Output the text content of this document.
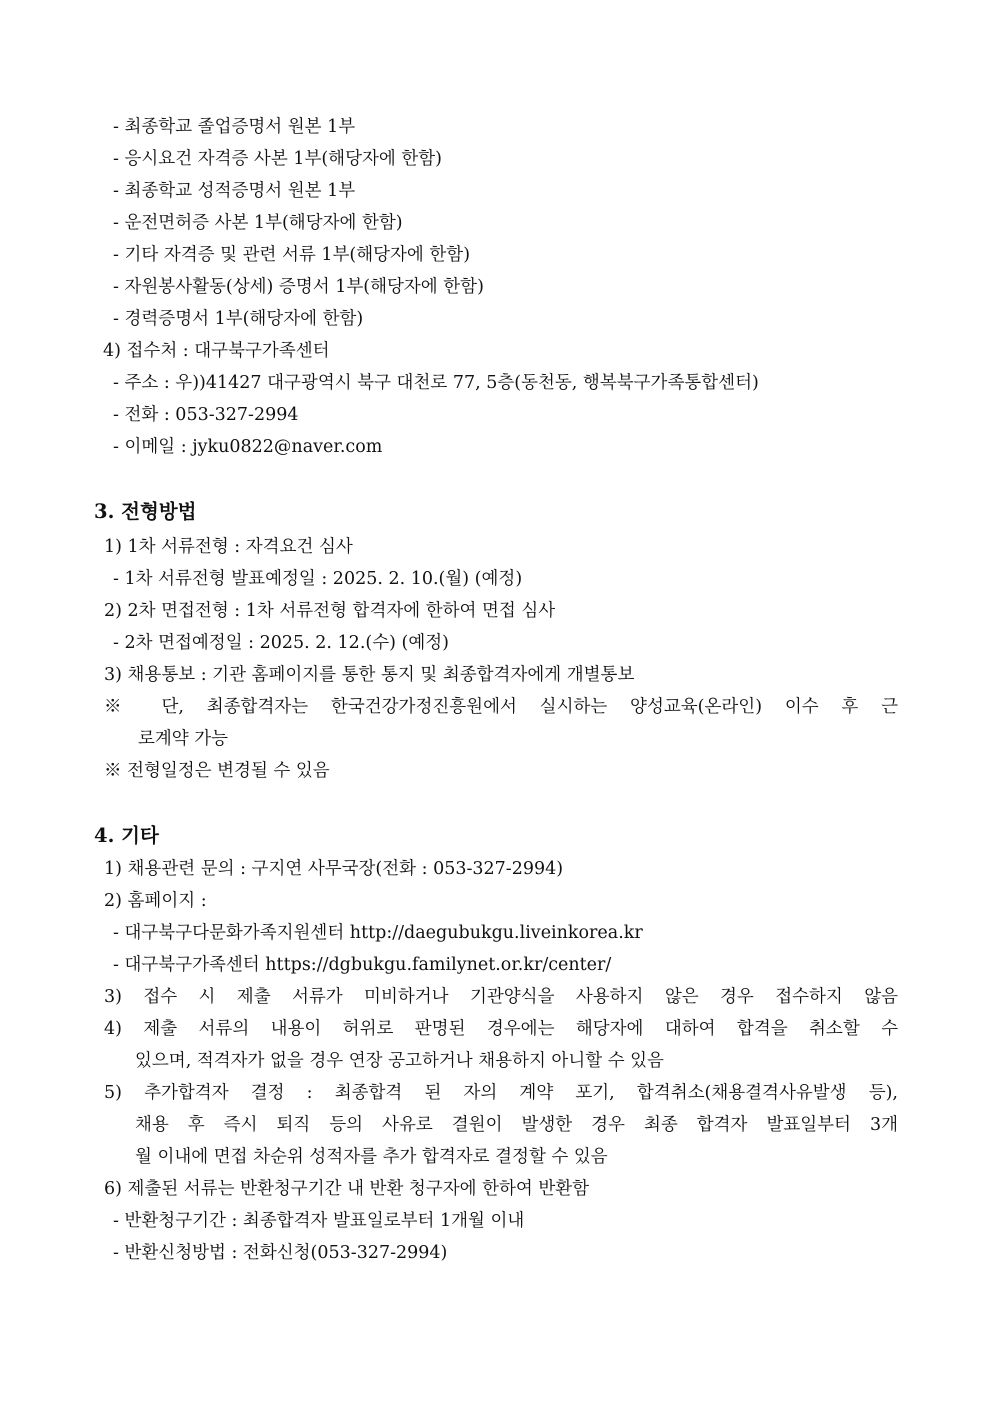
- 최종학교 졸업증명서 원본 1부
- 응시요건 자격증 사본 1부(해당자에 한함)
- 최종학교 성적증명서 원본 1부
- 운전면허증 사본 1부(해당자에 한함)
- 기타 자격증 및 관련 서류 1부(해당자에 한함)
- 자원봉사활동(상세) 증명서 1부(해당자에 한함)
- 경력증명서 1부(해당자에 한함)
4) 접수처 : 대구북구가족센터
- 주소 : 우))41427 대구광역시 북구 대천로 77, 5층(동천동, 행복북구가족통합센터)
- 전화 : 053-327-2994
- 이메일 : jyku0822@naver.com
3. 전형방법
1) 1차 서류전형 : 자격요건 심사
- 1차 서류전형 발표예정일 : 2025. 2. 10.(월) (예정)
2) 2차 면접전형 : 1차 서류전형 합격자에 한하여 면접 심사
- 2차 면접예정일 : 2025. 2. 12.(수) (예정)
3) 채용통보 : 기관 홈페이지를 통한 통지 및 최종합격자에게 개별통보
※ 단, 최종합격자는 한국건강가정진흥원에서 실시하는 양성교육(온라인) 이수 후 근
로계약 가능
※ 전형일정은 변경될 수 있음
4. 기타
1) 채용관련 문의 : 구지연 사무국장(전화 : 053-327-2994)
2) 홈페이지 :
- 대구북구다문화가족지원센터 http://daegubukgu.liveinkorea.kr
- 대구북구가족센터 https://dgbukgu.familynet.or.kr/center/
3) 접수 시 제출 서류가 미비하거나 기관양식을 사용하지 않은 경우 접수하지 않음
4) 제출 서류의 내용이 허위로 판명된 경우에는 해당자에 대하여 합격을 취소할 수
있으며, 적격자가 없을 경우 연장 공고하거나 채용하지 아니할 수 있음
5) 추가합격자 결정 : 최종합격 된 자의 계약 포기, 합격취소(채용결격사유발생 등),
채용 후 즉시 퇴직 등의 사유로 결원이 발생한 경우 최종 합격자 발표일부터 3개
월 이내에 면접 차순위 성적자를 추가 합격자로 결정할 수 있음
6) 제출된 서류는 반환청구기간 내 반환 청구자에 한하여 반환함
- 반환청구기간 : 최종합격자 발표일로부터 1개월 이내
- 반환신청방법 : 전화신청(053-327-2994)
